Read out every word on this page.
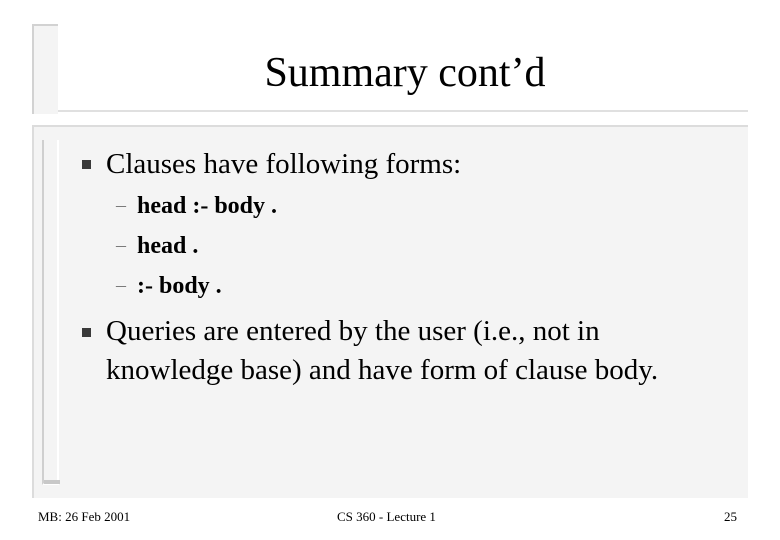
Summary cont’d
Clauses have following forms:
– head :- body .
– head .
– :- body .
Queries are entered by the user (i.e., not in
knowledge base) and have form of clause body.
MB: 26 Feb 2001	CS 360 - Lecture 1	25
